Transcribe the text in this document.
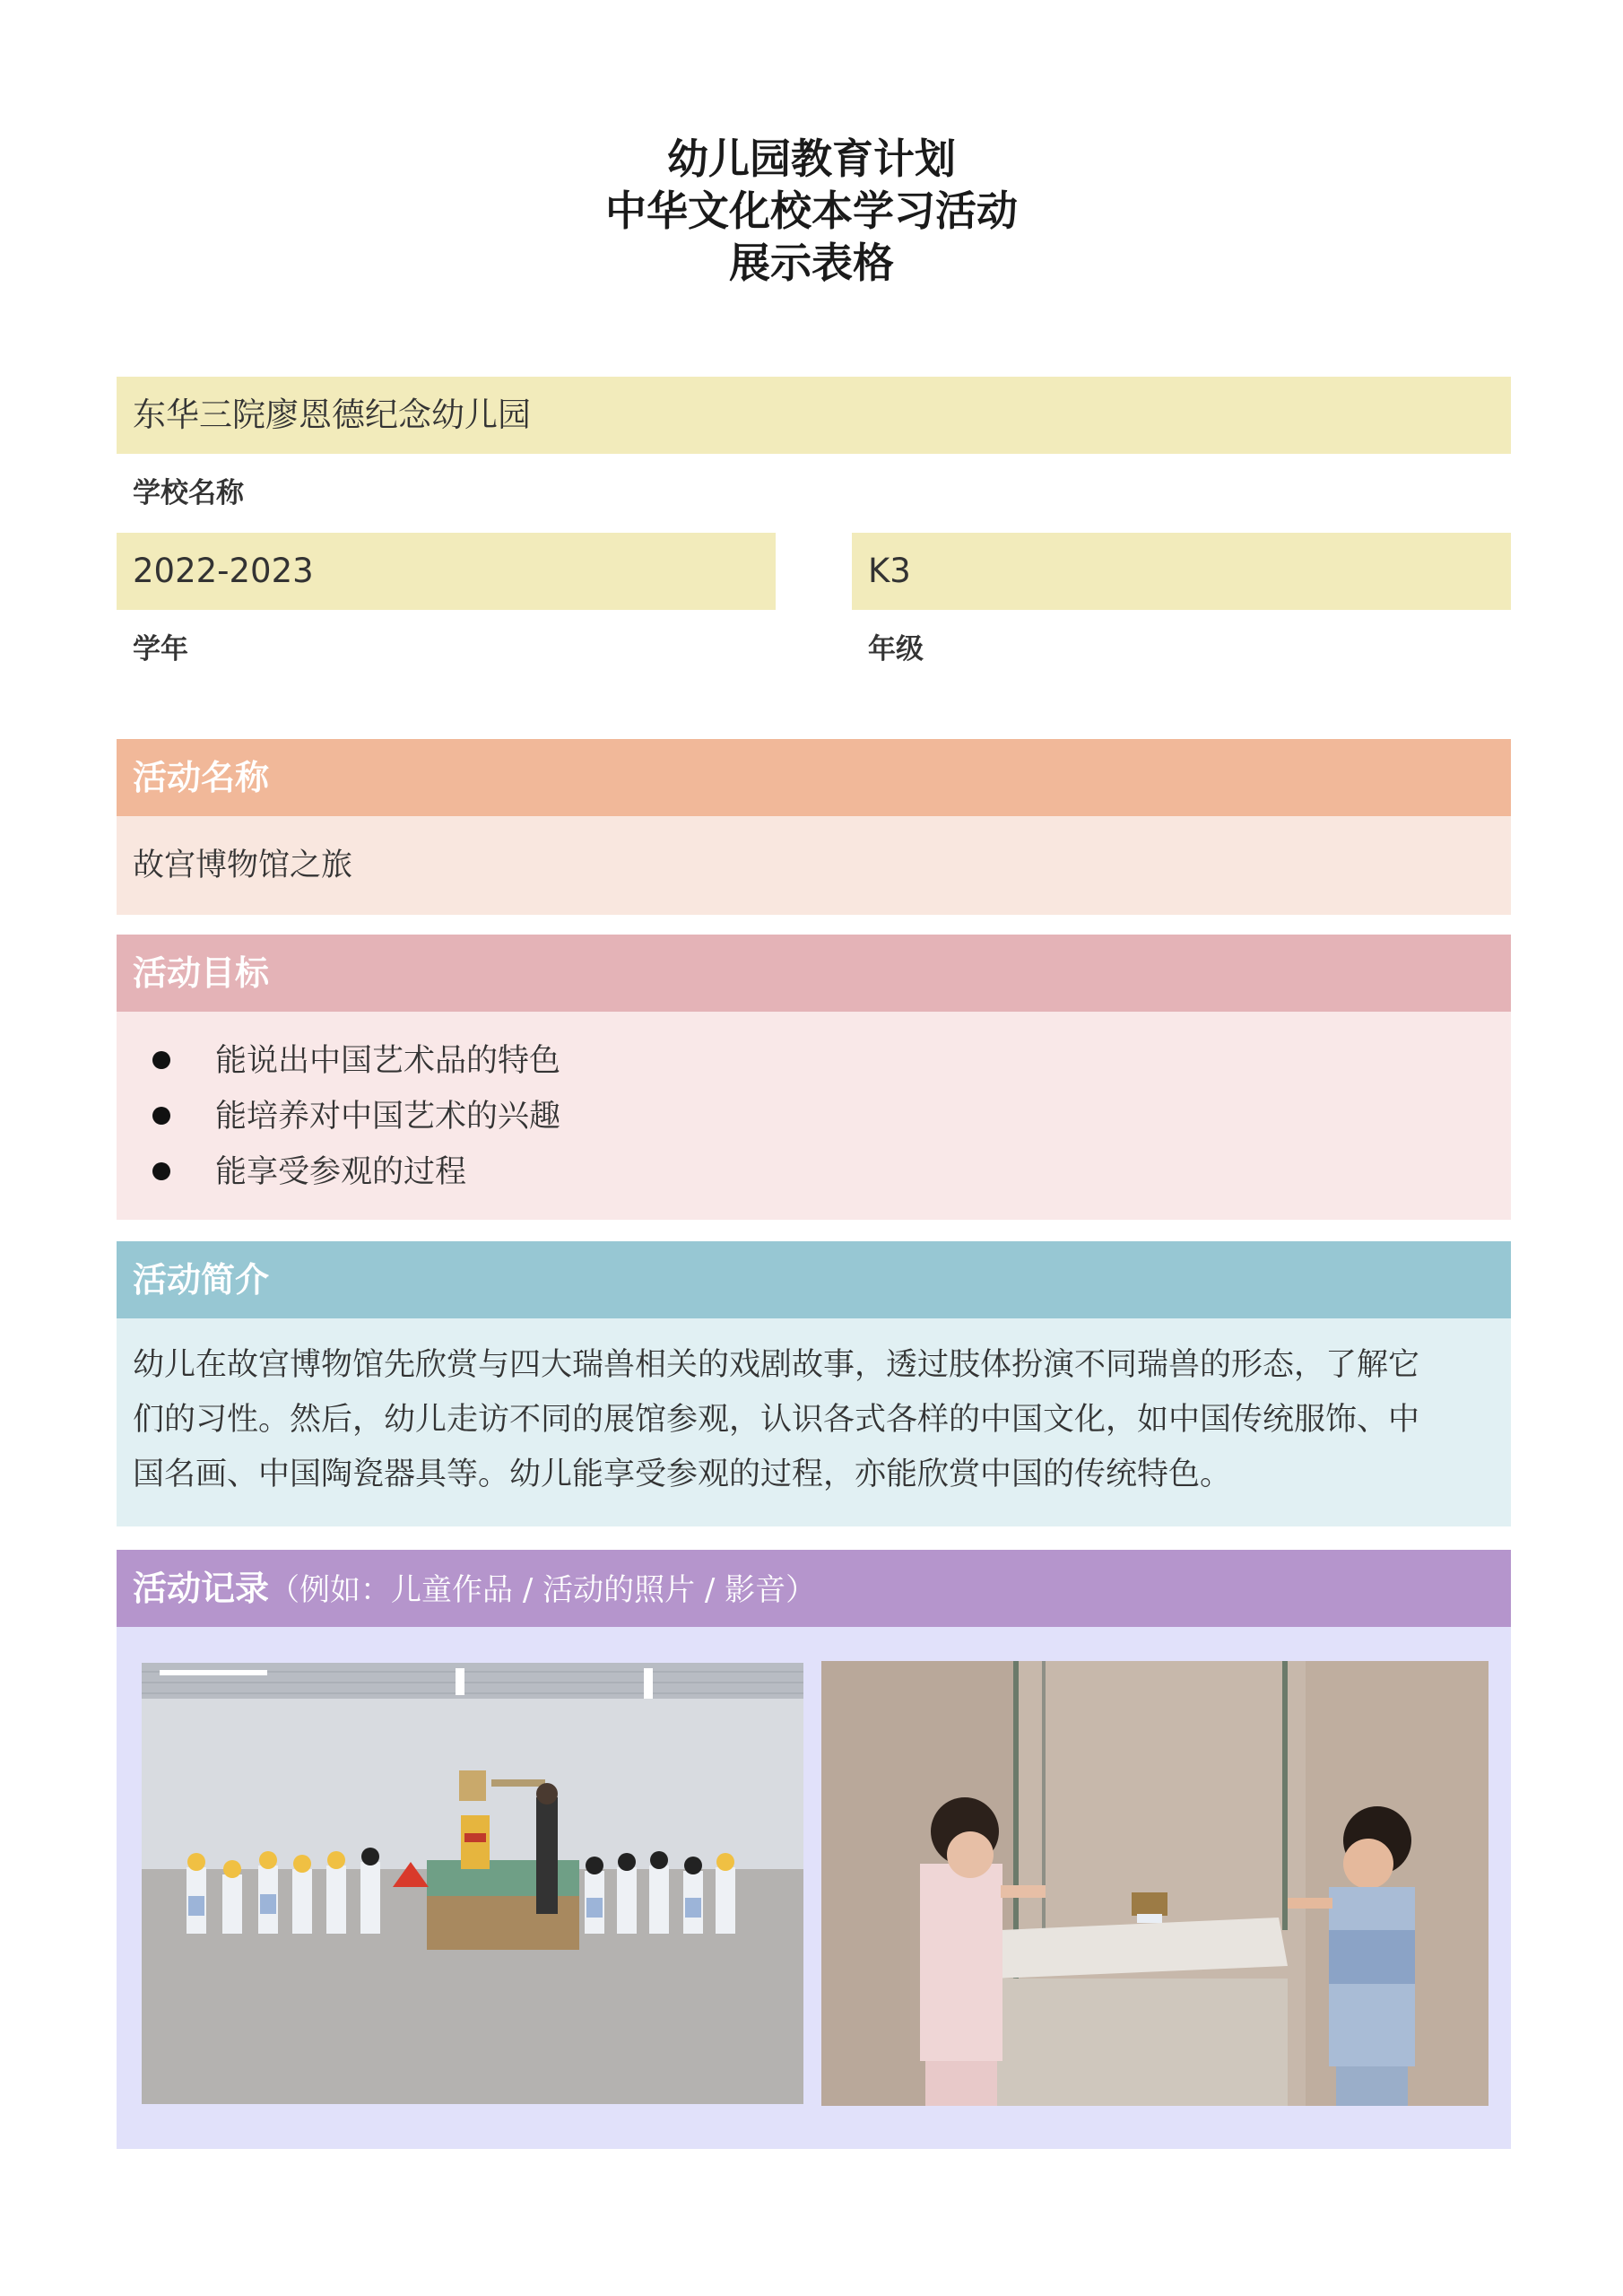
幼儿园教育计划
中华文化校本学习活动
展示表格
东华三院廖恩德纪念幼儿园
学校名称
2022-2023
学年
K3
年级
活动名称
故宫博物馆之旅
活动目标
能说出中国艺术品的特色
能培养对中国艺术的兴趣
能享受参观的过程
活动简介
幼儿在故宫博物馆先欣赏与四大瑞兽相关的戏剧故事，透过肢体扮演不同瑞兽的形态，了解它
们的习性。然后，幼儿走访不同的展馆参观，认识各式各样的中国文化，如中国传统服饰、中
国名画、中国陶瓷器具等。幼儿能享受参观的过程，亦能欣赏中国的传统特色。
活动记录（例如：儿童作品 / 活动的照片 / 影音）
